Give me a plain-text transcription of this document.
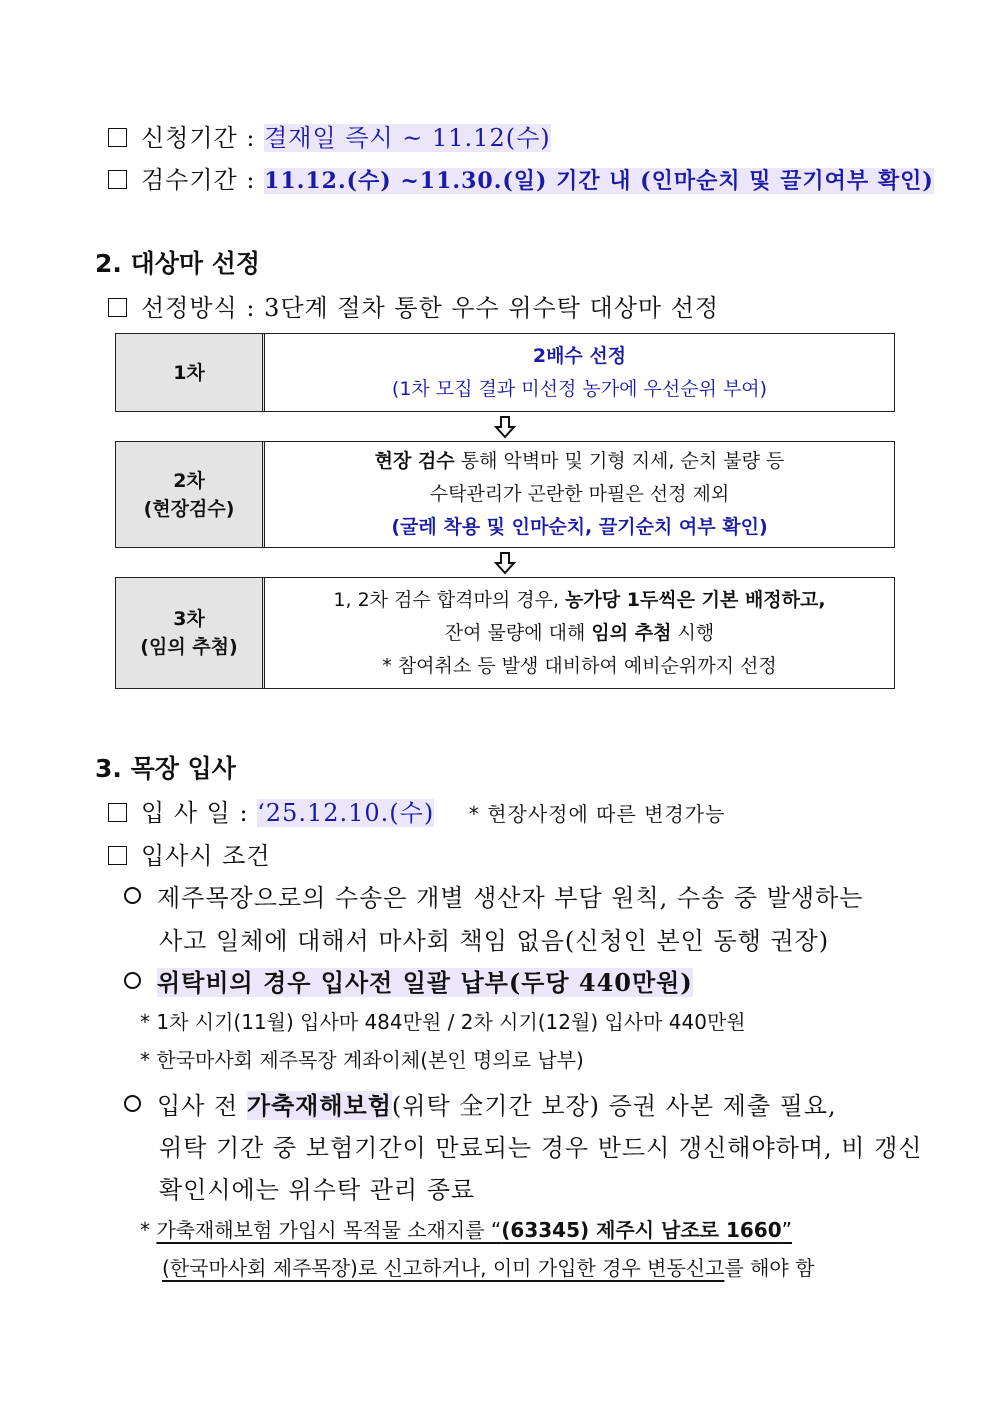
신청기간 : 결재일 즉시 ~ 11.12(수)
검수기간 : 11.12.(수) ~11.30.(일) 기간 내 (인마순치 및 끌기여부 확인)
2. 대상마 선정
선정방식 : 3단계 절차 통한 우수 위수탁 대상마 선정
1차
2배수 선정
(1차 모집 결과 미선정 농가에 우선순위 부여)
2차
(현장검수)
현장 검수 통해 악벽마 및 기형 지세, 순치 불량 등
수탁관리가 곤란한 마필은 선정 제외
(굴레 착용 및 인마순치, 끌기순치 여부 확인)
3차
(임의 추첨)
1, 2차 검수 합격마의 경우, 농가당 1두씩은 기본 배정하고,
잔여 물량에 대해 임의 추첨 시행
* 참여취소 등 발생 대비하여 예비순위까지 선정
3. 목장 입사
입 사 일 : ‘25.12.10.(수) * 현장사정에 따른 변경가능
입사시 조건
제주목장으로의 수송은 개별 생산자 부담 원칙, 수송 중 발생하는
사고 일체에 대해서 마사회 책임 없음(신청인 본인 동행 권장)
위탁비의 경우 입사전 일괄 납부(두당 440만원)
* 1차 시기(11월) 입사마 484만원 / 2차 시기(12월) 입사마 440만원
* 한국마사회 제주목장 계좌이체(본인 명의로 납부)
입사 전 가축재해보험(위탁 全기간 보장) 증권 사본 제출 필요,
위탁 기간 중 보험기간이 만료되는 경우 반드시 갱신해야하며, 비 갱신
확인시에는 위수탁 관리 종료
* 가축재해보험 가입시 목적물 소재지를 “(63345) 제주시 남조로 1660”
(한국마사회 제주목장)로 신고하거나, 이미 가입한 경우 변동신고를 해야 함
